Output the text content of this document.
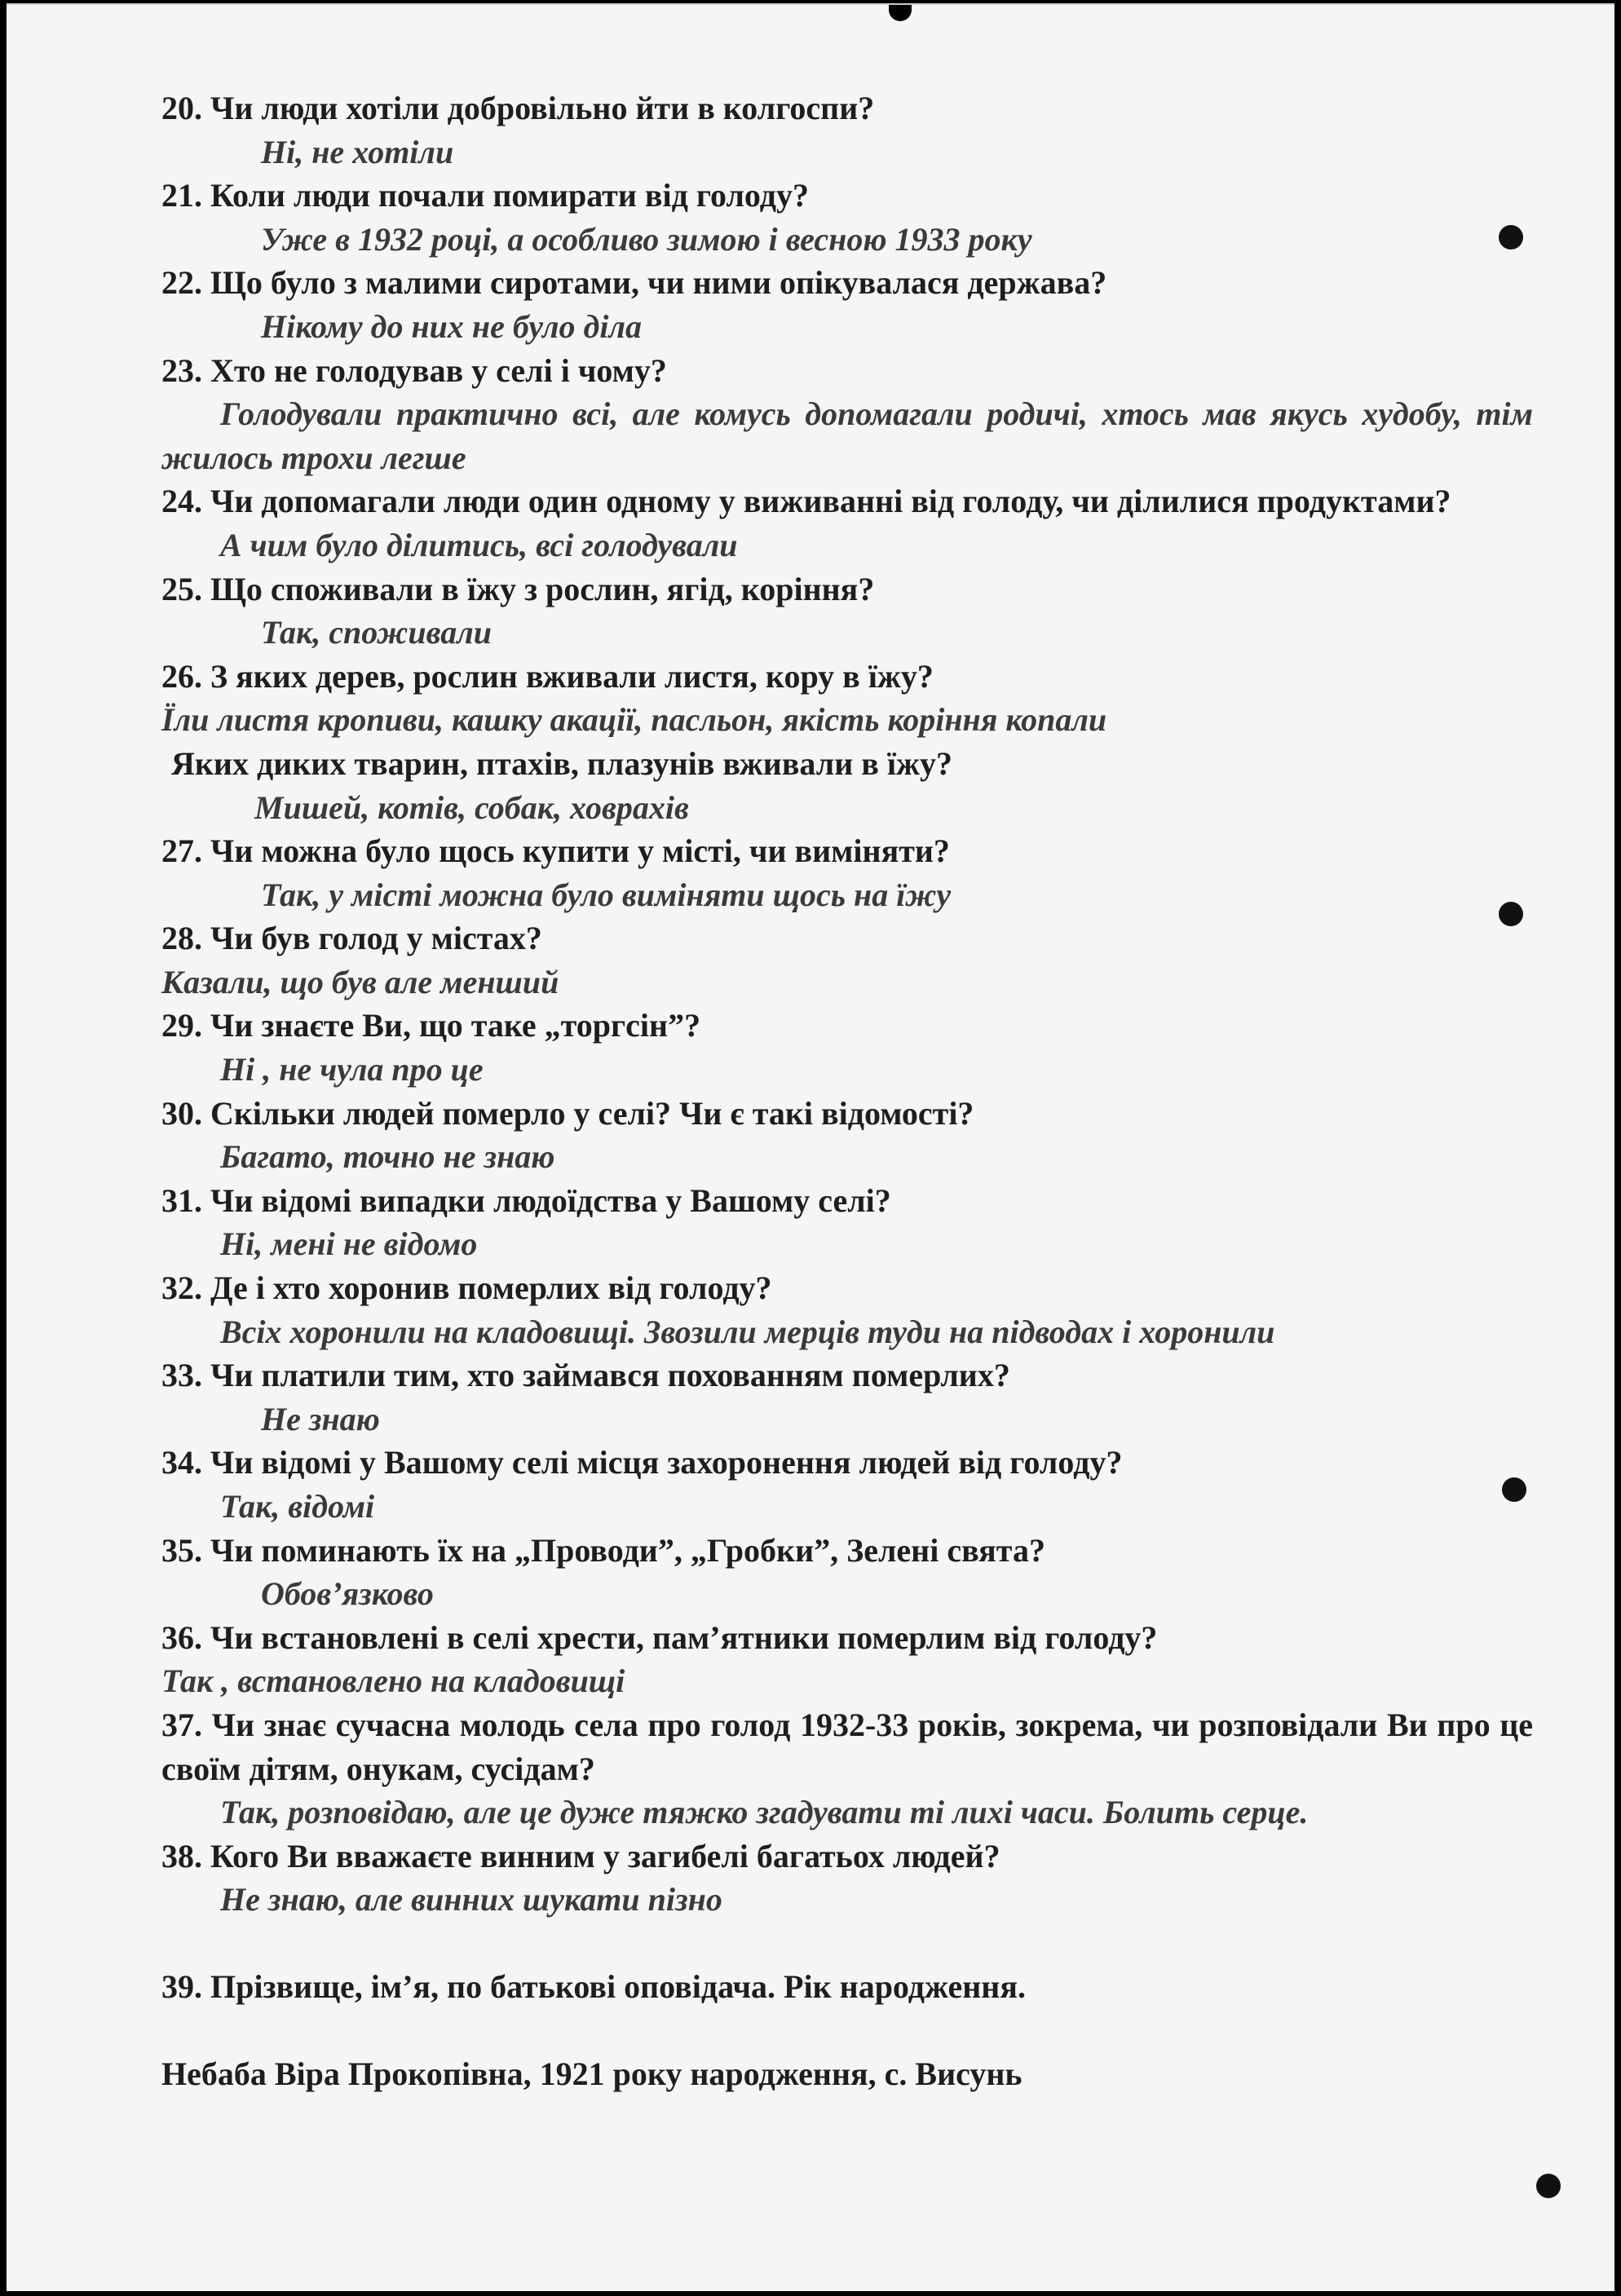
20. Чи люди хотіли добровільно йти в колгоспи?
Ні, не хотіли
21. Коли люди почали помирати від голоду?
Уже в 1932 році, а особливо зимою і весною 1933 року
22. Що було з малими сиротами, чи ними опікувалася держава?
Нікому до них не було діла
23. Хто не голодував у селі і чому?
Голодували практично всі, але комусь допомагали родичі, хтось мав якусь худобу, тім жилось трохи легше
24. Чи допомагали люди один одному у виживанні від голоду, чи ділилися продуктами?
А чим було ділитись, всі голодували
25. Що споживали в їжу з рослин, ягід, коріння?
Так, споживали
26. З яких дерев, рослин вживали листя, кору в їжу?
Їли листя кропиви, кашку акації, пасльон, якість коріння копали
Яких диких тварин, птахів, плазунів вживали в їжу?
Мишей, котів, собак, ховрахів
27. Чи можна було щось купити у місті, чи виміняти?
Так, у місті можна було виміняти щось на їжу
28. Чи був голод у містах?
Казали, що був але менший
29. Чи знаєте Ви, що таке „торгсін”?
Ні , не чула про це
30. Скільки людей померло у селі? Чи є такі відомості?
Багато, точно не знаю
31. Чи відомі випадки людоїдства у Вашому селі?
Ні, мені не відомо
32. Де і хто хоронив померлих від голоду?
Всіх хоронили на кладовищі. Звозили мерців туди на підводах і хоронили
33. Чи платили тим, хто займався похованням померлих?
Не знаю
34. Чи відомі у Вашому селі місця захоронення людей від голоду?
Так, відомі
35. Чи поминають їх на „Проводи”, „Гробки”, Зелені свята?
Обов’язково
36. Чи встановлені в селі хрести, пам’ятники померлим від голоду?
Так , встановлено на кладовищі
37. Чи знає сучасна молодь села про голод 1932-33 років, зокрема, чи розповідали Ви про це своїм дітям, онукам, сусідам?
Так, розповідаю, але це дуже тяжко згадувати ті лихі часи. Болить серце.
38. Кого Ви вважаєте винним у загибелі багатьох людей?
Не знаю, але винних шукати пізно
39. Прізвище, ім’я, по батькові оповідача. Рік народження.
Небаба Віра Прокопівна, 1921 року народження, с. Висунь
